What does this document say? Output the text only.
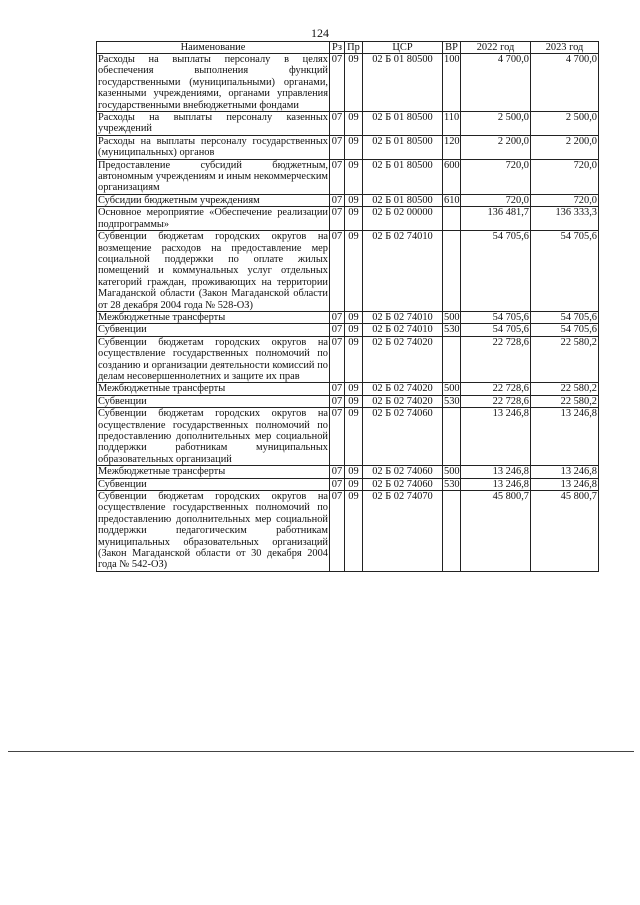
124
Наименование	Рз	Пр	ЦСР	ВР	2022 год	2023 год
Расходы на выплаты персоналу в целях обеспечения выполнения функций государственными (муниципальными) органами, казенными учреждениями, органами управления государственными внебюджетными фондами	07	09	02 Б 01 80500	100	4 700,0	4 700,0
Расходы на выплаты персоналу казенных учреждений	07	09	02 Б 01 80500	110	2 500,0	2 500,0
Расходы на выплаты персоналу государственных (муниципальных) органов	07	09	02 Б 01 80500	120	2 200,0	2 200,0
Предоставление субсидий бюджетным, автономным учреждениям и иным некоммерческим организациям	07	09	02 Б 01 80500	600	720,0	720,0
Субсидии бюджетным учреждениям	07	09	02 Б 01 80500	610	720,0	720,0
Основное мероприятие «Обеспечение реализации подпрограммы»	07	09	02 Б 02 00000		136 481,7	136 333,3
Субвенции бюджетам городских округов на возмещение расходов на предоставление мер социальной поддержки по оплате жилых помещений и коммунальных услуг отдельных категорий граждан, проживающих на территории Магаданской области (Закон Магаданской области от 28 декабря 2004 года № 528-ОЗ)	07	09	02 Б 02 74010		54 705,6	54 705,6
Межбюджетные трансферты	07	09	02 Б 02 74010	500	54 705,6	54 705,6
Субвенции	07	09	02 Б 02 74010	530	54 705,6	54 705,6
Субвенции бюджетам городских округов на осуществление государственных полномочий по созданию и организации деятельности комиссий по делам несовершеннолетних и защите их прав	07	09	02 Б 02 74020		22 728,6	22 580,2
Межбюджетные трансферты	07	09	02 Б 02 74020	500	22 728,6	22 580,2
Субвенции	07	09	02 Б 02 74020	530	22 728,6	22 580,2
Субвенции бюджетам городских округов на осуществление государственных полномочий по предоставлению дополнительных мер социальной поддержки работникам муниципальных образовательных организаций	07	09	02 Б 02 74060		13 246,8	13 246,8
Межбюджетные трансферты	07	09	02 Б 02 74060	500	13 246,8	13 246,8
Субвенции	07	09	02 Б 02 74060	530	13 246,8	13 246,8
Субвенции бюджетам городских округов на осуществление государственных полномочий по предоставлению дополнительных мер социальной поддержки педагогическим работникам муниципальных образовательных организаций (Закон Магаданской области от 30 декабря 2004 года № 542-ОЗ)	07	09	02 Б 02 74070		45 800,7	45 800,7
